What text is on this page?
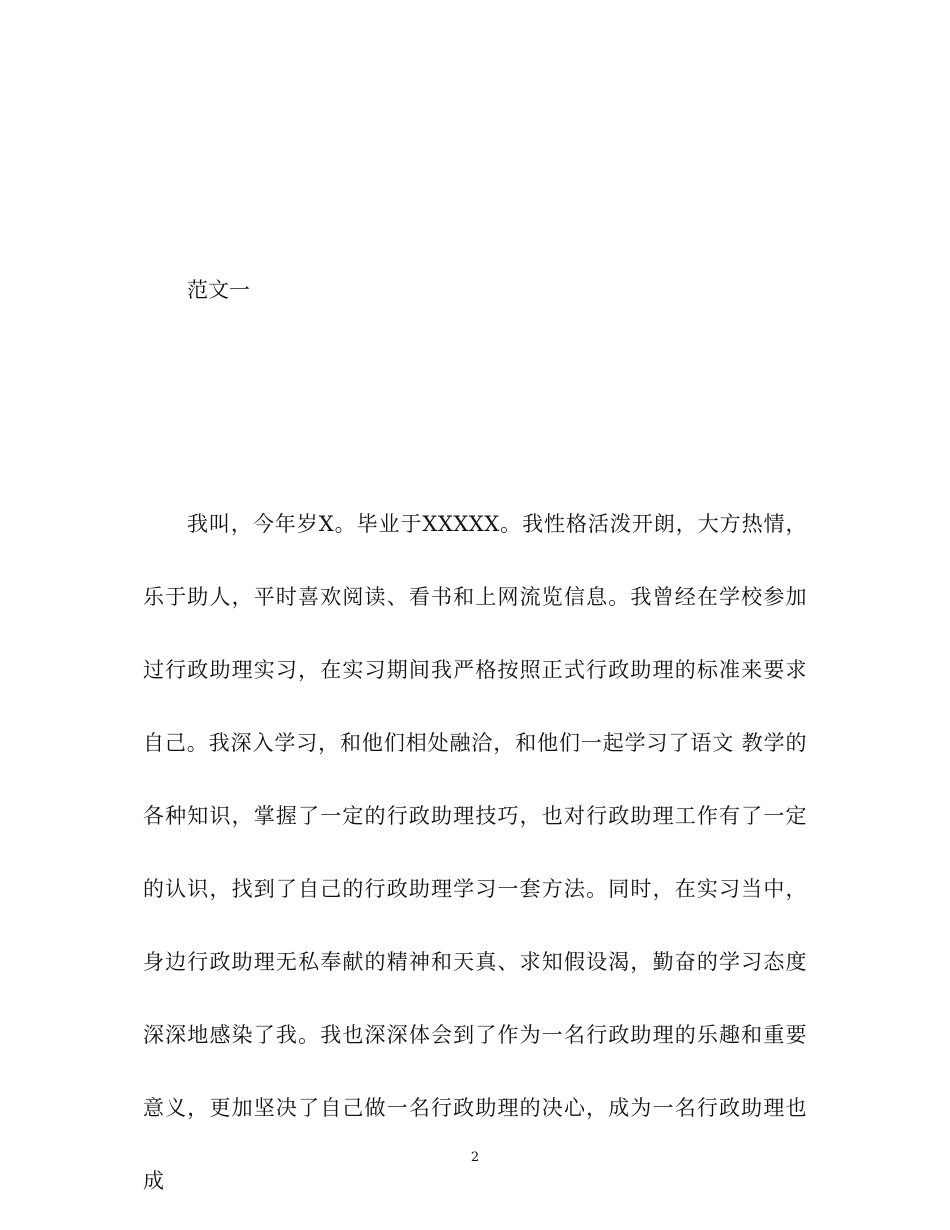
范文一

我叫，今年岁X。毕业于XXXXX。我性格活泼开朗，大方热情，乐于助人，平时喜欢阅读、看书和上网流览信息。我曾经在学校参加过行政助理实习，在实习期间我严格按照正式行政助理的标准来要求自己。我深入学习，和他们相处融洽，和他们一起学习了语文 教学的各种知识，掌握了一定的行政助理技巧，也对行政助理工作有了一定的认识，找到了自己的行政助理学习一套方法。同时，在实习当中，身边行政助理无私奉献的精神和天真、求知假设渴，勤奋的学习态度深深地感染了我。我也深深体会到了作为一名行政助理的乐趣和重要意义，更加坚决了自己做一名行政助理的决心，成为一名行政助理也成

2
